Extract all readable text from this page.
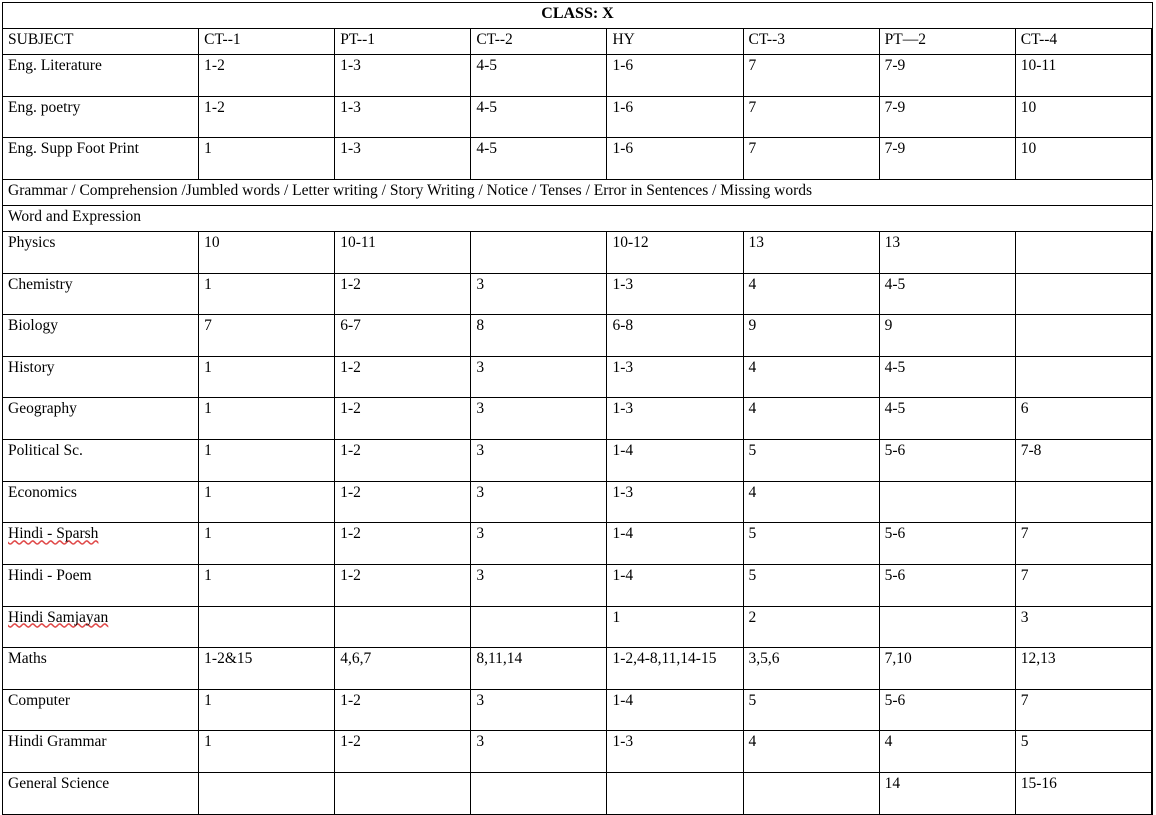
CLASS: X								
SUBJECT	CT--1	PT--1	CT--2	HY	CT--3	PT—2	CT--4	
Eng. Literature	1-2	1-3	4-5	1-6	7	7-9	10-11	
Eng. poetry	1-2	1-3	4-5	1-6	7	7-9	10	
Eng. Supp Foot Print	1	1-3	4-5	1-6	7	7-9	10	
Grammar / Comprehension /Jumbled words / Letter writing / Story Writing / Notice / Tenses / Error in Sentences / Missing words								
Word and Expression								
Physics	10	10-11		10-12	13	13		
Chemistry	1	1-2	3	1-3	4	4-5		
Biology	7	6-7	8	6-8	9	9		
History	1	1-2	3	1-3	4	4-5		
Geography	1	1-2	3	1-3	4	4-5	6	
Political Sc.	1	1-2	3	1-4	5	5-6	7-8	
Economics	1	1-2	3	1-3	4			
Hindi - Sparsh	1	1-2	3	1-4	5	5-6	7	
Hindi - Poem	1	1-2	3	1-4	5	5-6	7	
Hindi Samjayan				1	2		3	
Maths	1-2&15	4,6,7	8,11,14	1-2,4-8,11,14-15	3,5,6	7,10	12,13	
Computer	1	1-2	3	1-4	5	5-6	7	
Hindi Grammar	1	1-2	3	1-3	4	4	5	
General Science						14	15-16	
